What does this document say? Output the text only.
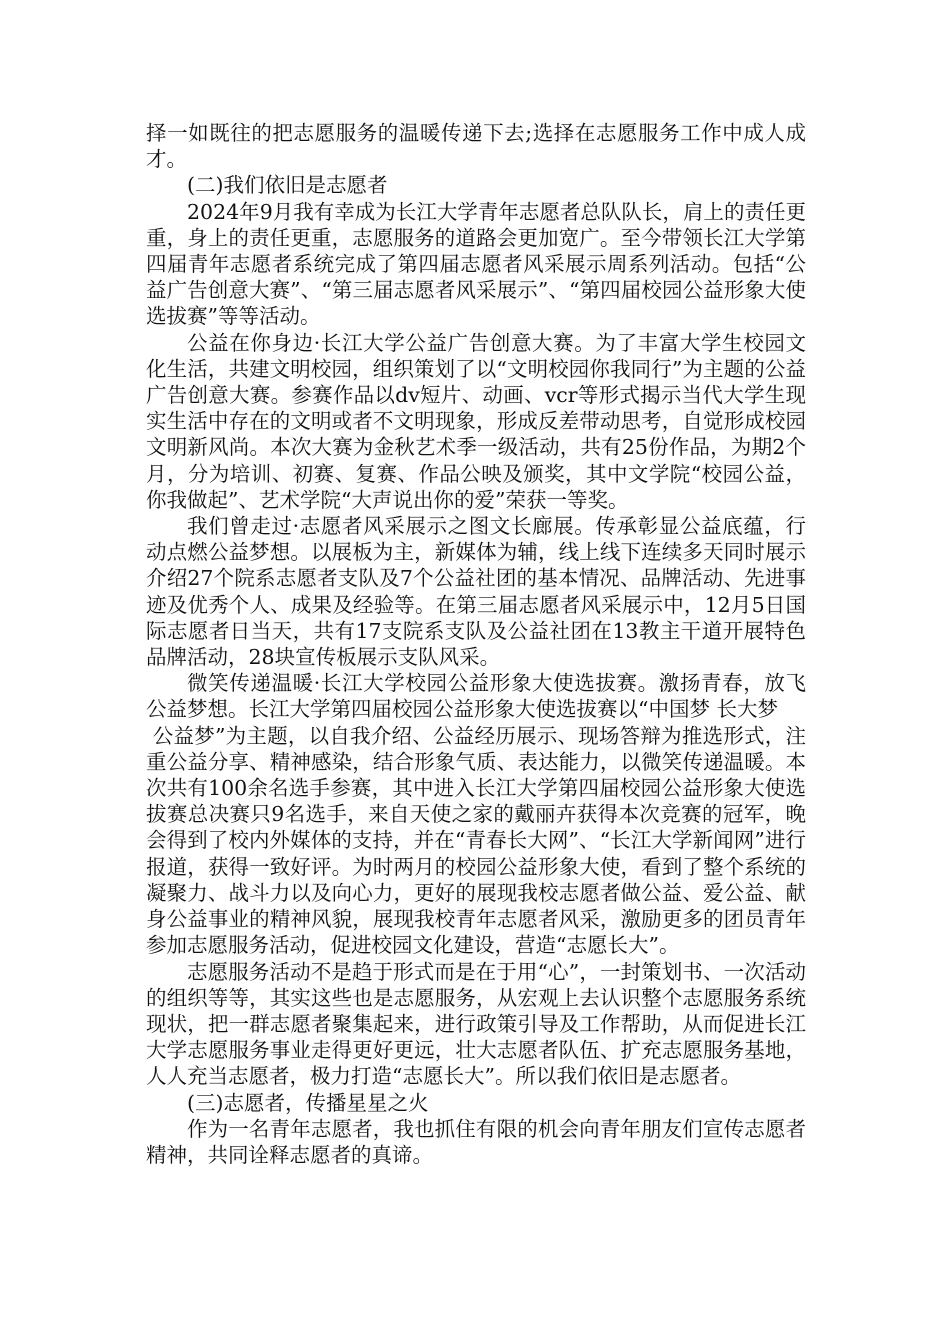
择一如既往的把志愿服务的温暖传递下去;选择在志愿服务工作中成人成才。

(二)我们依旧是志愿者

2024年9月我有幸成为长江大学青年志愿者总队队长，肩上的责任更重，身上的责任更重，志愿服务的道路会更加宽广。至今带领长江大学第四届青年志愿者系统完成了第四届志愿者风采展示周系列活动。包括“公益广告创意大赛”、“第三届志愿者风采展示”、“第四届校园公益形象大使选拔赛”等等活动。

公益在你身边·长江大学公益广告创意大赛。为了丰富大学生校园文化生活，共建文明校园，组织策划了以“文明校园你我同行”为主题的公益广告创意大赛。参赛作品以dv短片、动画、vcr等形式揭示当代大学生现实生活中存在的文明或者不文明现象，形成反差带动思考，自觉形成校园文明新风尚。本次大赛为金秋艺术季一级活动，共有25份作品，为期2个月，分为培训、初赛、复赛、作品公映及颁奖，其中文学院“校园公益，你我做起”、艺术学院“大声说出你的爱”荣获一等奖。

我们曾走过·志愿者风采展示之图文长廊展。传承彰显公益底蕴，行动点燃公益梦想。以展板为主，新媒体为辅，线上线下连续多天同时展示介绍27个院系志愿者支队及7个公益社团的基本情况、品牌活动、先进事迹及优秀个人、成果及经验等。在第三届志愿者风采展示中，12月5日国际志愿者日当天，共有17支院系支队及公益社团在13教主干道开展特色品牌活动，28块宣传板展示支队风采。

微笑传递温暖·长江大学校园公益形象大使选拔赛。激扬青春，放飞公益梦想。长江大学第四届校园公益形象大使选拔赛以“中国梦 长大梦

公益梦”为主题，以自我介绍、公益经历展示、现场答辩为推选形式，注重公益分享、精神感染，结合形象气质、表达能力，以微笑传递温暖。本次共有100余名选手参赛，其中进入长江大学第四届校园公益形象大使选拔赛总决赛只9名选手，来自天使之家的戴丽卉获得本次竞赛的冠军，晚会得到了校内外媒体的支持，并在“青春长大网”、“长江大学新闻网”进行报道，获得一致好评。为时两月的校园公益形象大使，看到了整个系统的凝聚力、战斗力以及向心力，更好的展现我校志愿者做公益、爱公益、献身公益事业的精神风貌，展现我校青年志愿者风采，激励更多的团员青年参加志愿服务活动，促进校园文化建设，营造“志愿长大”。

志愿服务活动不是趋于形式而是在于用“心”，一封策划书、一次活动的组织等等，其实这些也是志愿服务，从宏观上去认识整个志愿服务系统现状，把一群志愿者聚集起来，进行政策引导及工作帮助，从而促进长江大学志愿服务事业走得更好更远，壮大志愿者队伍、扩充志愿服务基地，人人充当志愿者，极力打造“志愿长大”。所以我们依旧是志愿者。

(三)志愿者，传播星星之火

作为一名青年志愿者，我也抓住有限的机会向青年朋友们宣传志愿者精神，共同诠释志愿者的真谛。
